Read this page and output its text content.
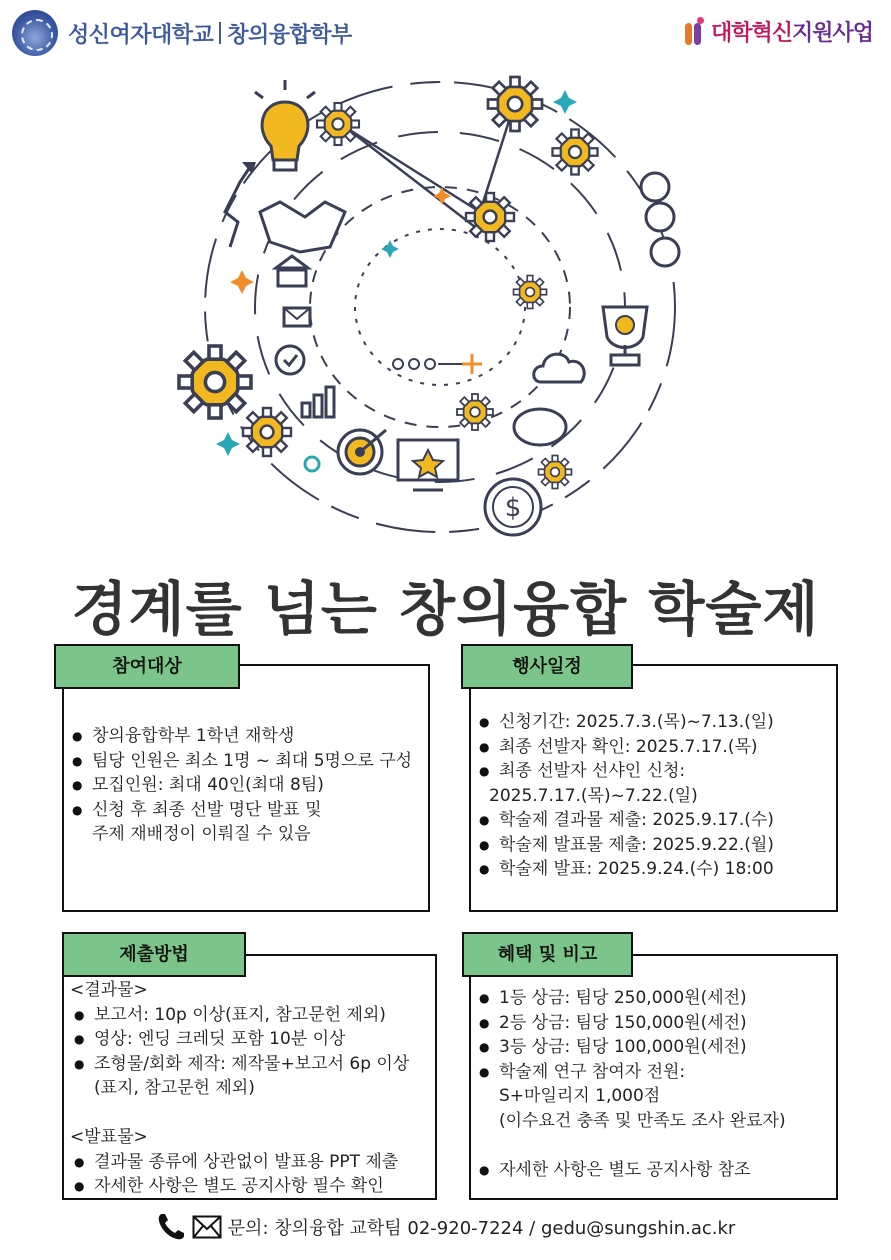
성신여자대학교 창의융합학부	대학혁신지원사업
$
경계를 넘는 창의융합 학술제
● 창의융합학부 1학년 재학생
● 팀당 인원은 최소 1명 ~ 최대 5명으로 구성
● 모집인원: 최대 40인(최대 8팀)
● 신청 후 최종 선발 명단 발표 및
주제 재배정이 이뤄질 수 있음
참여대상
● 신청기간: 2025.7.3.(목)~7.13.(일)
● 최종 선발자 확인: 2025.7.17.(목)
● 최종 선발자 선샤인 신청:
2025.7.17.(목)~7.22.(일)
● 학술제 결과물 제출: 2025.9.17.(수)
● 학술제 발표물 제출: 2025.9.22.(월)
● 학술제 발표: 2025.9.24.(수) 18:00
행사일정
<결과물>
● 보고서: 10p 이상(표지, 참고문헌 제외)
● 영상: 엔딩 크레딧 포함 10분 이상
● 조형물/회화 제작: 제작물+보고서 6p 이상
(표지, 참고문헌 제외)
<발표물>
● 결과물 종류에 상관없이 발표용 PPT 제출
● 자세한 사항은 별도 공지사항 필수 확인
제출방법
● 1등 상금: 팀당 250,000원(세전)
● 2등 상금: 팀당 150,000원(세전)
● 3등 상금: 팀당 100,000원(세전)
● 학술제 연구 참여자 전원:
S+마일리지 1,000점
(이수요건 충족 및 만족도 조사 완료자)
● 자세한 사항은 별도 공지사항 참조
혜택 및 비고
문의: 창의융합 교학팀 02-920-7224 / gedu@sungshin.ac.kr
